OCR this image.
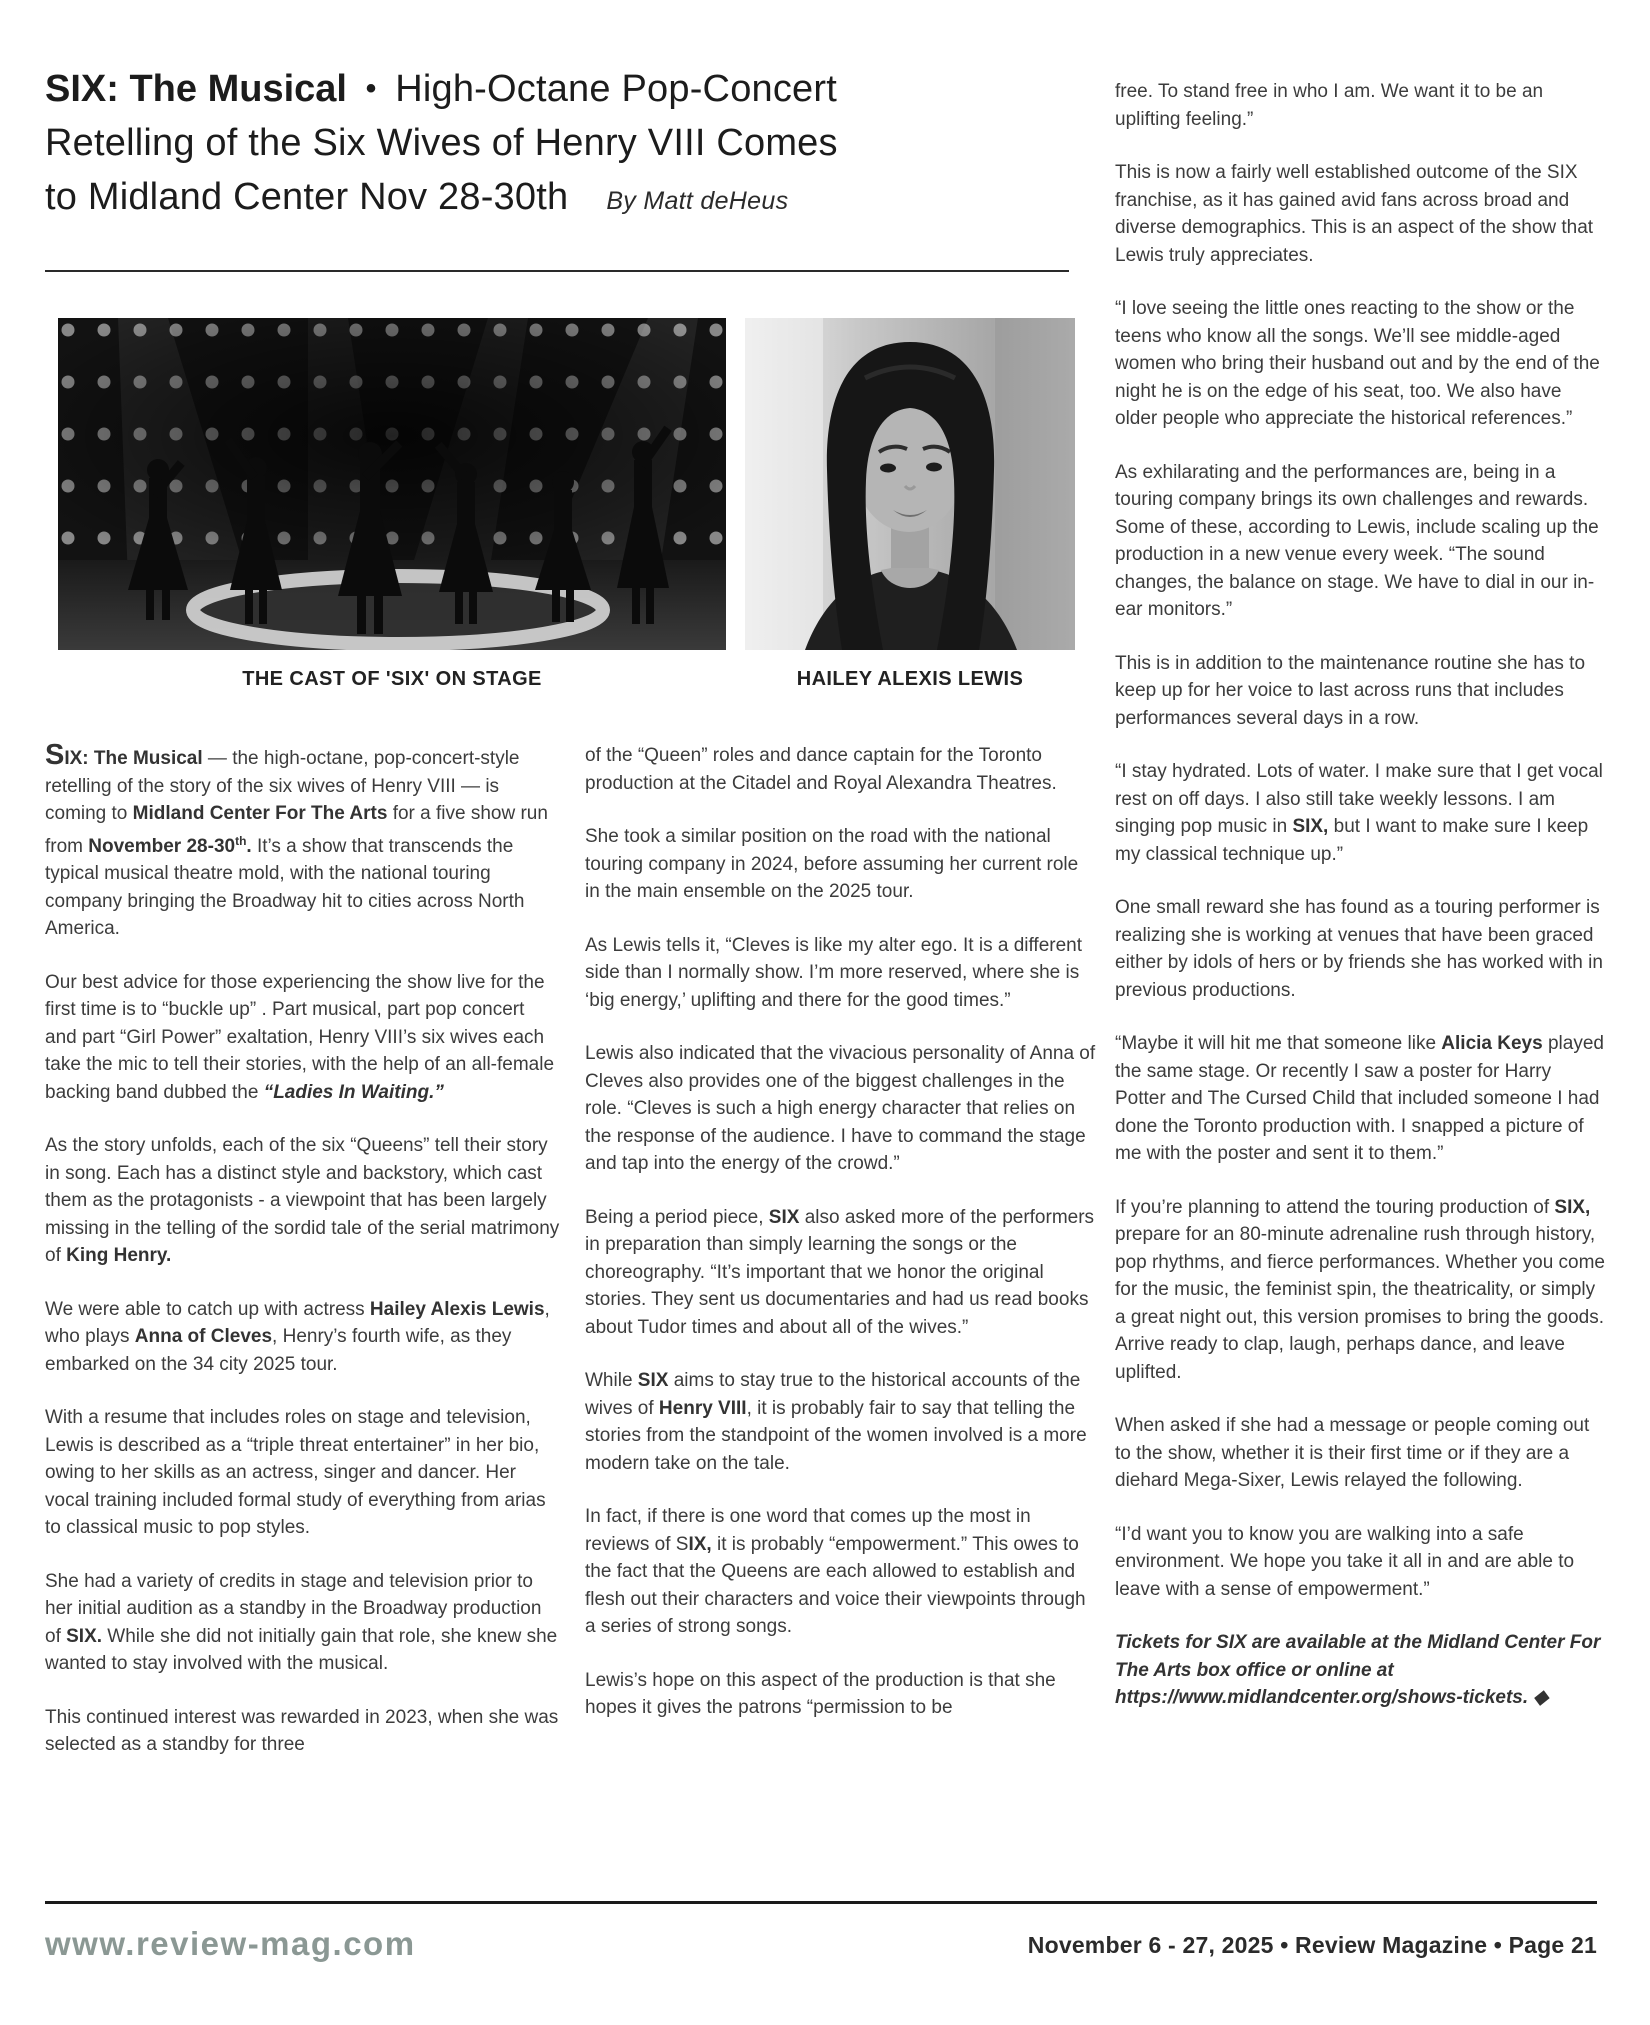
SIX: The Musical • High-Octane Pop-Concert
Retelling of the Six Wives of Henry VIII Comes
to Midland Center Nov 28-30th By Matt deHeus
THE CAST OF 'SIX' ON STAGE	HAILEY ALEXIS LEWIS

SIX: The Musical — the high-octane, pop-concert-style retelling of the story of the six wives of Henry VIII — is coming to Midland Center For The Arts for a five show run from November 28-30th. It’s a show that transcends the typical musical theatre mold, with the national touring company bringing the Broadway hit to cities across North America.

Our best advice for those experiencing the show live for the first time is to “buckle up” . Part musical, part pop concert and part “Girl Power” exaltation, Henry VIII’s six wives each take the mic to tell their stories, with the help of an all-female backing band dubbed the “Ladies In Waiting.”

As the story unfolds, each of the six “Queens” tell their story in song. Each has a distinct style and backstory, which cast them as the protagonists - a viewpoint that has been largely missing in the telling of the sordid tale of the serial matrimony of King Henry.

We were able to catch up with actress Hailey Alexis Lewis, who plays Anna of Cleves, Henry’s fourth wife, as they embarked on the 34 city 2025 tour.

With a resume that includes roles on stage and television, Lewis is described as a “triple threat entertainer” in her bio, owing to her skills as an actress, singer and dancer. Her vocal training included formal study of everything from arias to classical music to pop styles.

She had a variety of credits in stage and television prior to her initial audition as a standby in the Broadway production of SIX. While she did not initially gain that role, she knew she wanted to stay involved with the musical.

This continued interest was rewarded in 2023, when she was selected as a standby for three

of the “Queen” roles and dance captain for the Toronto production at the Citadel and Royal Alexandra Theatres.

She took a similar position on the road with the national touring company in 2024, before assuming her current role in the main ensemble on the 2025 tour.

As Lewis tells it, “Cleves is like my alter ego. It is a different side than I normally show. I’m more reserved, where she is ‘big energy,’ uplifting and there for the good times.”

Lewis also indicated that the vivacious personality of Anna of Cleves also provides one of the biggest challenges in the role. “Cleves is such a high energy character that relies on the response of the audience. I have to command the stage and tap into the energy of the crowd.”

Being a period piece, SIX also asked more of the performers in preparation than simply learning the songs or the choreography. “It’s important that we honor the original stories. They sent us documentaries and had us read books about Tudor times and about all of the wives.”

While SIX aims to stay true to the historical accounts of the wives of Henry VIII, it is probably fair to say that telling the stories from the standpoint of the women involved is a more modern take on the tale.

In fact, if there is one word that comes up the most in reviews of SIX, it is probably “empowerment.” This owes to the fact that the Queens are each allowed to establish and flesh out their characters and voice their viewpoints through a series of strong songs.

Lewis’s hope on this aspect of the production is that she hopes it gives the patrons “permission to be

free. To stand free in who I am. We want it to be an uplifting feeling.”

This is now a fairly well established outcome of the SIX franchise, as it has gained avid fans across broad and diverse demographics. This is an aspect of the show that Lewis truly appreciates.

“I love seeing the little ones reacting to the show or the teens who know all the songs. We’ll see middle-aged women who bring their husband out and by the end of the night he is on the edge of his seat, too. We also have older people who appreciate the historical references.”

As exhilarating and the performances are, being in a touring company brings its own challenges and rewards. Some of these, according to Lewis, include scaling up the production in a new venue every week. “The sound changes, the balance on stage. We have to dial in our in-ear monitors.”

This is in addition to the maintenance routine she has to keep up for her voice to last across runs that includes performances several days in a row.

“I stay hydrated. Lots of water. I make sure that I get vocal rest on off days. I also still take weekly lessons. I am singing pop music in SIX, but I want to make sure I keep my classical technique up.”

One small reward she has found as a touring performer is realizing she is working at venues that have been graced either by idols of hers or by friends she has worked with in previous productions.

“Maybe it will hit me that someone like Alicia Keys played the same stage. Or recently I saw a poster for Harry Potter and The Cursed Child that included someone I had done the Toronto production with. I snapped a picture of me with the poster and sent it to them.”

If you’re planning to attend the touring production of SIX, prepare for an 80-minute adrenaline rush through history, pop rhythms, and fierce performances. Whether you come for the music, the feminist spin, the theatricality, or simply a great night out, this version promises to bring the goods. Arrive ready to clap, laugh, perhaps dance, and leave uplifted.

When asked if she had a message or people coming out to the show, whether it is their first time or if they are a diehard Mega-Sixer, Lewis relayed the following.

“I’d want you to know you are walking into a safe environment. We hope you take it all in and are able to leave with a sense of empowerment.”

Tickets for SIX are available at the Midland Center For The Arts box office or online at https://www.midlandcenter.org/shows-tickets. ◆

www.review-mag.com	November 6 - 27, 2025 • Review Magazine • Page 21
